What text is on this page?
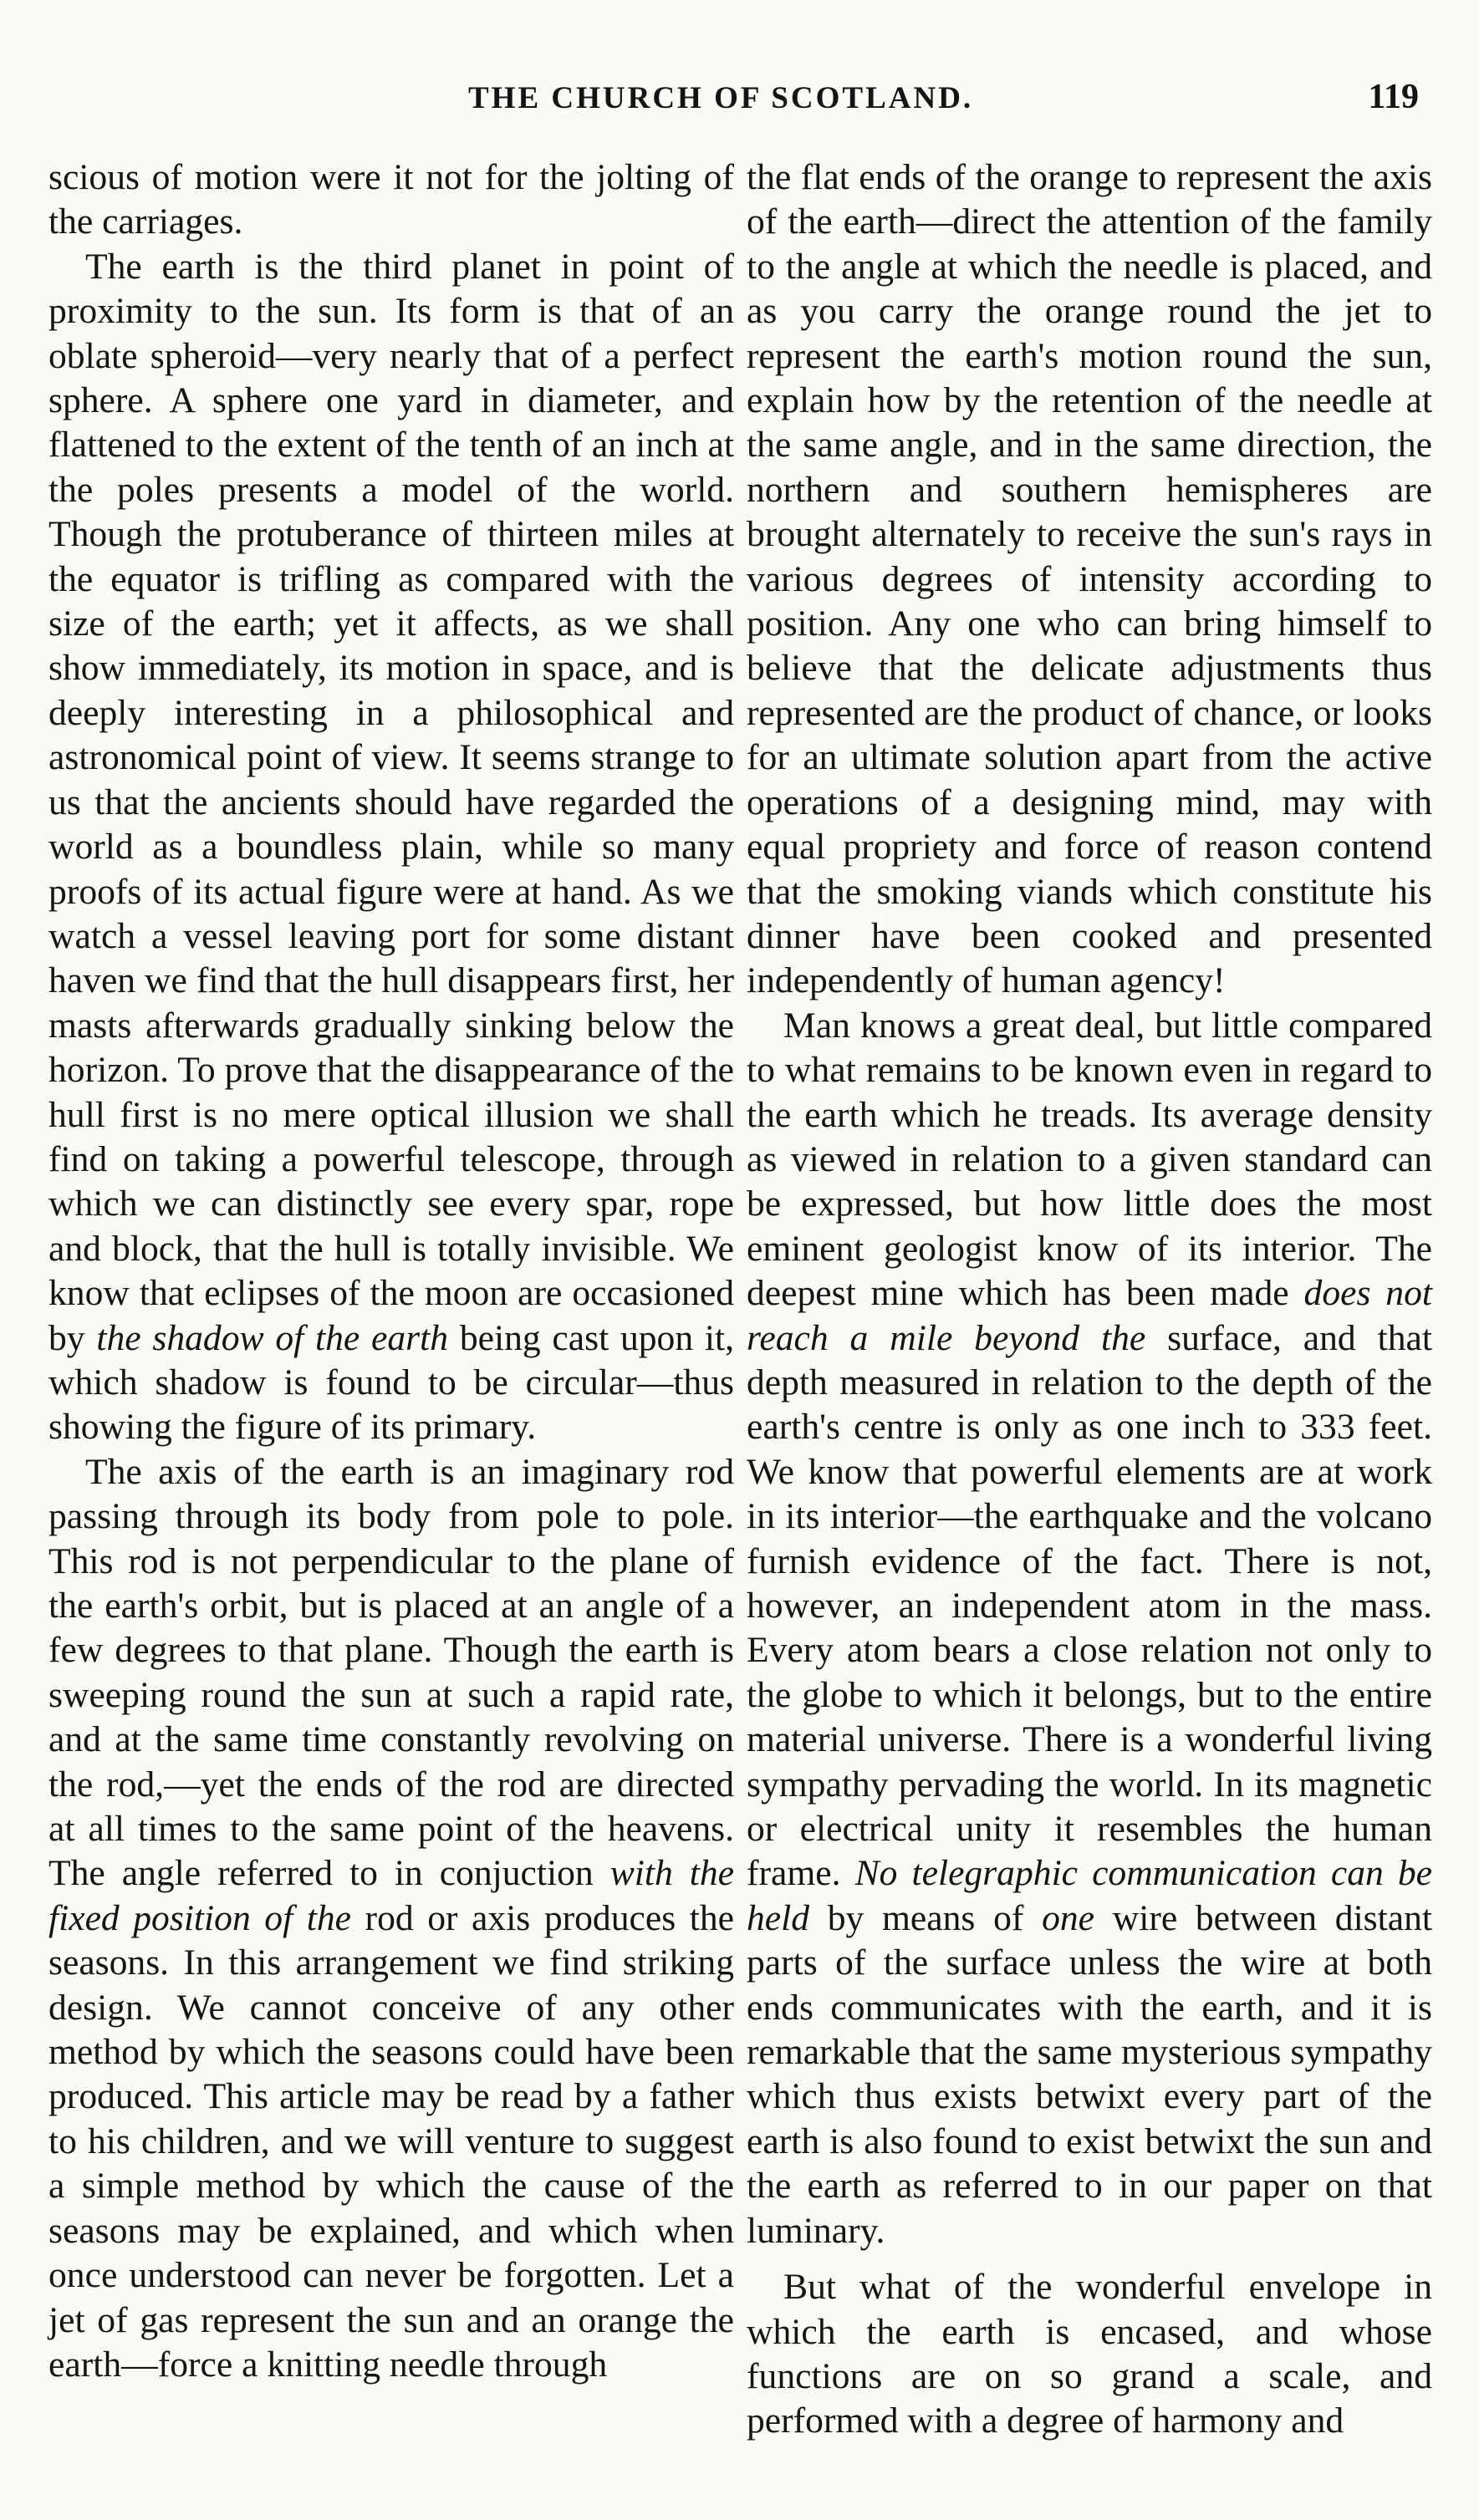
THE CHURCH OF SCOTLAND.	119

scious of motion were it not for the jolting of the carriages.

The earth is the third planet in point of proximity to the sun. Its form is that of an oblate spheroid—very nearly that of a perfect sphere. A sphere one yard in diameter, and flattened to the extent of the tenth of an inch at the poles presents a model of the world. Though the protuberance of thirteen miles at the equator is trifling as compared with the size of the earth; yet it affects, as we shall show immediately, its motion in space, and is deeply interesting in a philosophical and astronomical point of view. It seems strange to us that the ancients should have regarded the world as a boundless plain, while so many proofs of its actual figure were at hand. As we watch a vessel leaving port for some distant haven we find that the hull disappears first, her masts afterwards gradually sinking below the horizon. To prove that the disappearance of the hull first is no mere optical illusion we shall find on taking a powerful telescope, through which we can distinctly see every spar, rope and block, that the hull is totally invisible. We know that eclipses of the moon are occasioned by the shadow of the earth being cast upon it, which shadow is found to be circular—thus showing the figure of its primary.

The axis of the earth is an imaginary rod passing through its body from pole to pole. This rod is not perpendicular to the plane of the earth's orbit, but is placed at an angle of a few degrees to that plane. Though the earth is sweeping round the sun at such a rapid rate, and at the same time constantly revolving on the rod,—yet the ends of the rod are directed at all times to the same point of the heavens. The angle referred to in conjuction with the fixed position of the rod or axis produces the seasons. In this arrangement we find striking design. We cannot conceive of any other method by which the seasons could have been produced. This article may be read by a father to his children, and we will venture to suggest a simple method by which the cause of the seasons may be explained, and which when once understood can never be forgotten. Let a jet of gas represent the sun and an orange the earth—force a knitting needle through

the flat ends of the orange to represent the axis of the earth—direct the attention of the family to the angle at which the needle is placed, and as you carry the orange round the jet to represent the earth's motion round the sun, explain how by the retention of the needle at the same angle, and in the same direction, the northern and southern hemispheres are brought alternately to receive the sun's rays in various degrees of intensity according to position. Any one who can bring himself to believe that the delicate adjustments thus represented are the product of chance, or looks for an ultimate solution apart from the active operations of a designing mind, may with equal propriety and force of reason contend that the smoking viands which constitute his dinner have been cooked and presented independently of human agency!

Man knows a great deal, but little compared to what remains to be known even in regard to the earth which he treads. Its average density as viewed in relation to a given standard can be expressed, but how little does the most eminent geologist know of its interior. The deepest mine which has been made does not reach a mile beyond the surface, and that depth measured in relation to the depth of the earth's centre is only as one inch to 333 feet. We know that powerful elements are at work in its interior—the earthquake and the volcano furnish evidence of the fact. There is not, however, an independent atom in the mass. Every atom bears a close relation not only to the globe to which it belongs, but to the entire material universe. There is a wonderful living sympathy pervading the world. In its magnetic or electrical unity it resembles the human frame. No telegraphic communication can be held by means of one wire between distant parts of the surface unless the wire at both ends communicates with the earth, and it is remarkable that the same mysterious sympathy which thus exists betwixt every part of the earth is also found to exist betwixt the sun and the earth as referred to in our paper on that luminary.

But what of the wonderful envelope in which the earth is encased, and whose functions are on so grand a scale, and performed with a degree of harmony and
